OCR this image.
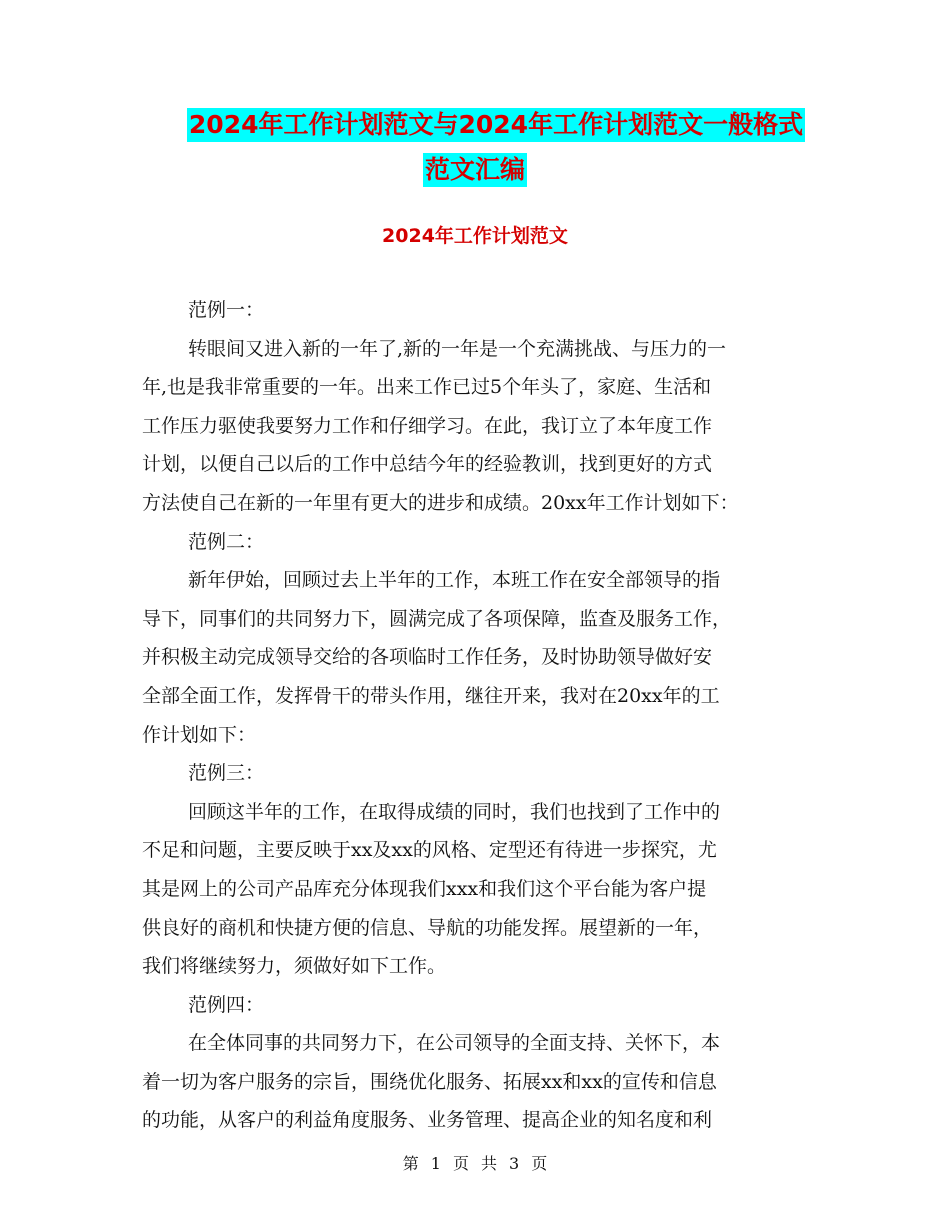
2024年工作计划范文与2024年工作计划范文一般格式
范文汇编
2024年工作计划范文
范例一：
转眼间又进入新的一年了,新的一年是一个充满挑战、与压力的一
年,也是我非常重要的一年。出来工作已过5个年头了，家庭、生活和
工作压力驱使我要努力工作和仔细学习。在此，我订立了本年度工作
计划，以便自己以后的工作中总结今年的经验教训，找到更好的方式
方法使自己在新的一年里有更大的进步和成绩。20xx年工作计划如下：
范例二：
新年伊始，回顾过去上半年的工作，本班工作在安全部领导的指
导下，同事们的共同努力下，圆满完成了各项保障，监查及服务工作，
并积极主动完成领导交给的各项临时工作任务，及时协助领导做好安
全部全面工作，发挥骨干的带头作用，继往开来，我对在20xx年的工
作计划如下：
范例三：
回顾这半年的工作，在取得成绩的同时，我们也找到了工作中的
不足和问题，主要反映于xx及xx的风格、定型还有待进一步探究，尤
其是网上的公司产品库充分体现我们xxx和我们这个平台能为客户提
供良好的商机和快捷方便的信息、导航的功能发挥。展望新的一年，
我们将继续努力，须做好如下工作。
范例四：
在全体同事的共同努力下，在公司领导的全面支持、关怀下，本
着一切为客户服务的宗旨，围绕优化服务、拓展xx和xx的宣传和信息
的功能，从客户的利益角度服务、业务管理、提高企业的知名度和利
第 1 页 共 3 页
